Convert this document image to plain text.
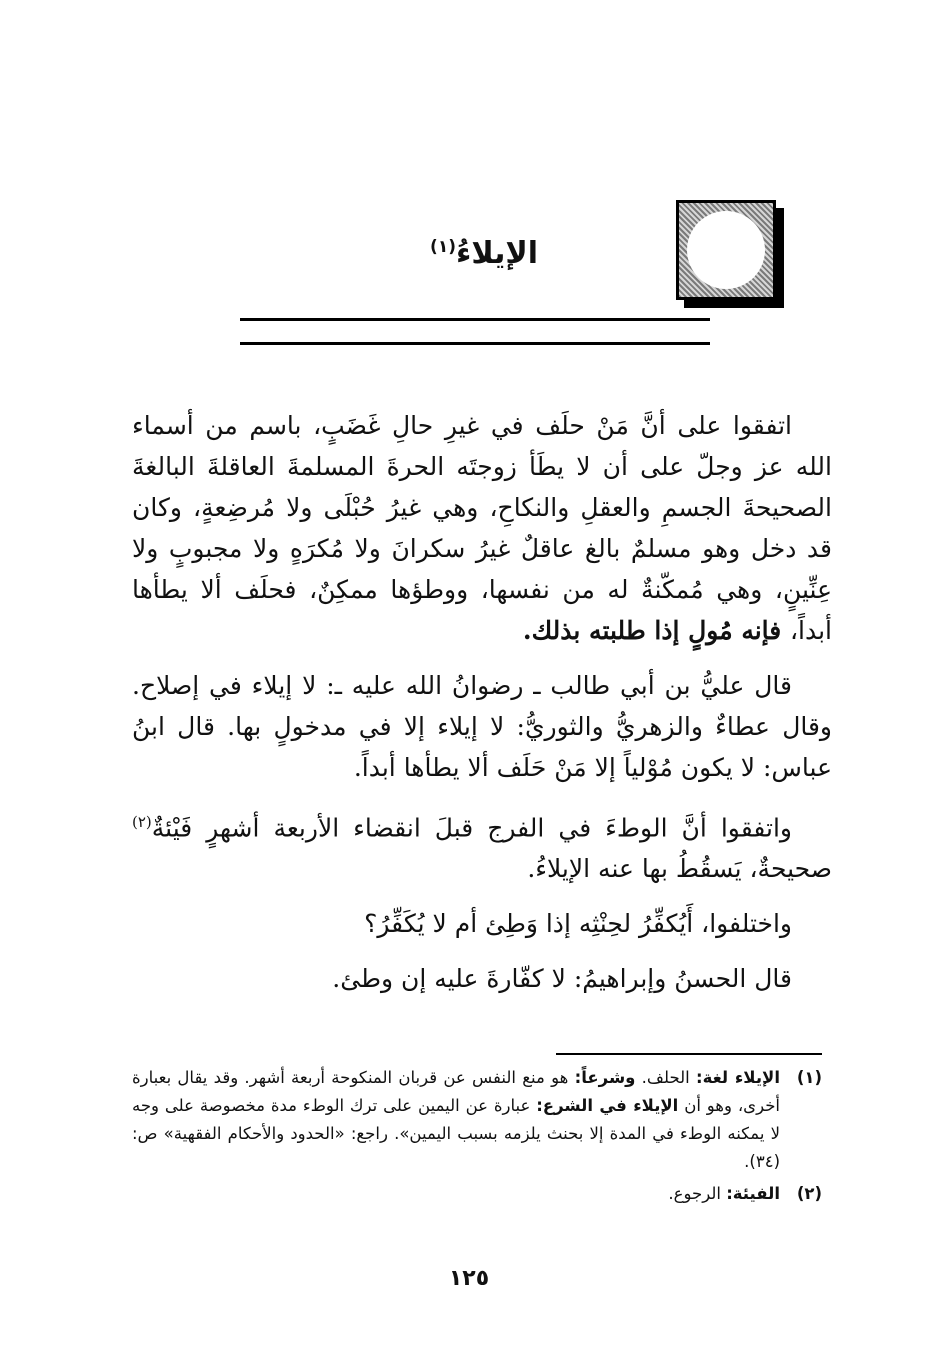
الإيلاءُ$^{(١)}$

اتفقوا على أنَّ مَنْ حلَف في غيرِ حالِ غَضَبٍ، باسم من أسماء الله عز وجلّ على أن لا يطَأ زوجتَه الحرةَ المسلمةَ العاقلةَ البالغةَ الصحيحةَ الجسمِ والعقلِ والنكاحِ، وهي غيرُ حُبْلَى ولا مُرضِعةٍ، وكان قد دخل وهو مسلمٌ بالغ عاقلٌ غيرُ سكرانَ ولا مُكرَهٍ ولا مجبوبٍ ولا عِنِّينٍ، وهي مُمكّنةٌ له من نفسها، ووطؤها ممكِنٌ، فحلَف ألا يطأها أبداً، فإنه مُولٍ إذا طلبته بذلك.

قال عليُّ بن أبي طالب ـ رضوانُ الله عليه ـ: لا إيلاء في إصلاح. وقال عطاءٌ والزهريُّ والثوريُّ: لا إيلاء إلا في مدخولٍ بها. قال ابنُ عباس: لا يكون مُوْلياً إلا مَنْ حَلَف ألا يطأها أبداً.

واتفقوا أنَّ الوطءَ في الفرج قبلَ انقضاء الأربعة أشهرٍ فَيْئةٌ$^{(٢)}$ صحيحةٌ، يَسقُطُ بها عنه الإيلاءُ.

واختلفوا، أَيُكفِّرُ لحِنْثِه إذا وَطِئ أم لا يُكَفِّرُ؟

قال الحسنُ وإبراهيمُ: لا كفّارةَ عليه إن وطئ.

(١)
الإيلاء لغة: الحلف. وشرعاً: هو منع النفس عن قربان المنكوحة أربعة أشهر. وقد يقال بعبارة أخرى، وهو أن الإيلاء في الشرع: عبارة عن اليمين على ترك الوطء مدة مخصوصة على وجه لا يمكنه الوطء في المدة إلا بحنث يلزمه بسبب اليمين». راجع: «الحدود والأحكام الفقهية» ص: (٣٤).
(٢)
الفيئة: الرجوع.
١٢٥
